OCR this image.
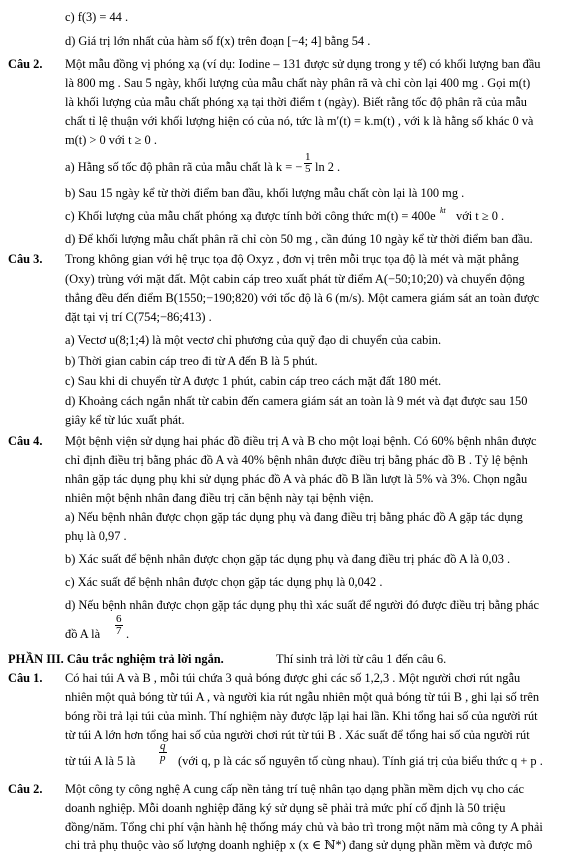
c) f(3) = 44 .
d) Giá trị lớn nhất của hàm số f(x) trên đoạn [−4; 4] bằng 54 .
Câu 2. Một mẫu đồng vị phóng xạ (ví dụ: Iodine – 131 được sử dụng trong y tế) có khối lượng ban đầu
là 800 mg . Sau 5 ngày, khối lượng của mẫu chất này phân rã và chỉ còn lại 400 mg . Gọi m(t)
là khối lượng của mẫu chất phóng xạ tại thời điểm t (ngày). Biết rằng tốc độ phân rã của mẫu
chất tỉ lệ thuận với khối lượng hiện có của nó, tức là m′(t) = k.m(t) , với k là hằng số khác 0 và
m(t) > 0 với t ≥ 0 .
a) Hằng số tốc độ phân rã của mẫu chất là k = −
b) Sau 15 ngày kể từ thời điểm ban đầu, khối lượng mẫu chất còn lại là 100 mg .
c) Khối lượng của mẫu chất phóng xạ được tính bởi công thức m(t) = 400e
d) Để khối lượng mẫu chất phân rã chỉ còn 50 mg , cần đúng 10 ngày kể từ thời điểm ban đầu.
Câu 3. Trong không gian với hệ trục tọa độ Oxyz , đơn vị trên mỗi trục tọa độ là mét và mặt phẳng
(Oxy) trùng với mặt đất. Một cabin cáp treo xuất phát từ điểm A(−50;10;20) và chuyển động
thẳng đều đến điểm B(1550;−190;820) với tốc độ là 6 (m/s). Một camera giám sát an toàn được
đặt tại vị trí C(754;−86;413) .
a) Vectơ u(8;1;4) là một vectơ chỉ phương của quỹ đạo di chuyển của cabin.
b) Thời gian cabin cáp treo đi từ A đến B là 5 phút.
c) Sau khi di chuyển từ A được 1 phút, cabin cáp treo cách mặt đất 180 mét.
d) Khoảng cách ngắn nhất từ cabin đến camera giám sát an toàn là 9 mét và đạt được sau 150
giây kể từ lúc xuất phát.
Câu 4. Một bệnh viện sử dụng hai phác đồ điều trị A và B cho một loại bệnh. Có 60% bệnh nhân được
chỉ định điều trị bằng phác đồ A và 40% bệnh nhân được điều trị bằng phác đồ B . Tỷ lệ bệnh
nhân gặp tác dụng phụ khi sử dụng phác đồ A và phác đồ B lần lượt là 5% và 3%. Chọn ngẫu
nhiên một bệnh nhân đang điều trị căn bệnh này tại bệnh viện.
a) Nếu bệnh nhân được chọn gặp tác dụng phụ và đang điều trị bằng phác đồ A gặp tác dụng
phụ là 0,97 .
b) Xác suất để bệnh nhân được chọn gặp tác dụng phụ và đang điều trị phác đồ A là 0,03 .
c) Xác suất để bệnh nhân được chọn gặp tác dụng phụ là 0,042 .
d) Nếu bệnh nhân được chọn gặp tác dụng phụ thì xác suất để người đó được điều trị bằng phác
đồ A là
PHẦN III. Câu trắc nghiệm trả lời ngắn.	Thí sinh trả lời từ câu 1 đến câu 6.
Câu 1. Có hai túi A và B , mỗi túi chứa 3 quả bóng được ghi các số 1,2,3 . Một người chơi rút ngẫu
nhiên một quả bóng từ túi A , và người kia rút ngẫu nhiên một quả bóng từ túi B , ghi lại số trên
bóng rồi trả lại túi của mình. Thí nghiệm này được lặp lại hai lần. Khi tổng hai số của người rút
từ túi A lớn hơn tổng hai số của người chơi rút từ túi B . Xác suất để tổng hai số của người rút
từ túi A là 5 là	(với q, p là các số nguyên tố cùng nhau). Tính giá trị của biểu thức q + p .
Câu 2. Một công ty công nghệ A cung cấp nền tảng trí tuệ nhân tạo dạng phần mềm dịch vụ cho các
doanh nghiệp. Mỗi doanh nghiệp đăng ký sử dụng sẽ phải trả mức phí cố định là 50 triệu
đồng/năm. Tổng chi phí vận hành hệ thống máy chủ và bảo trì trong một năm mà công ty A phải
$\frac{1}{5}$ ln 2 .
kt với t ≥ 0 .
$\frac{6}{7}$ .
$\frac{q}{p}$
chi trả phụ thuộc vào số lượng doanh nghiệp x (x ∈ ℕ*) đang sử dụng phần mềm và được mô
